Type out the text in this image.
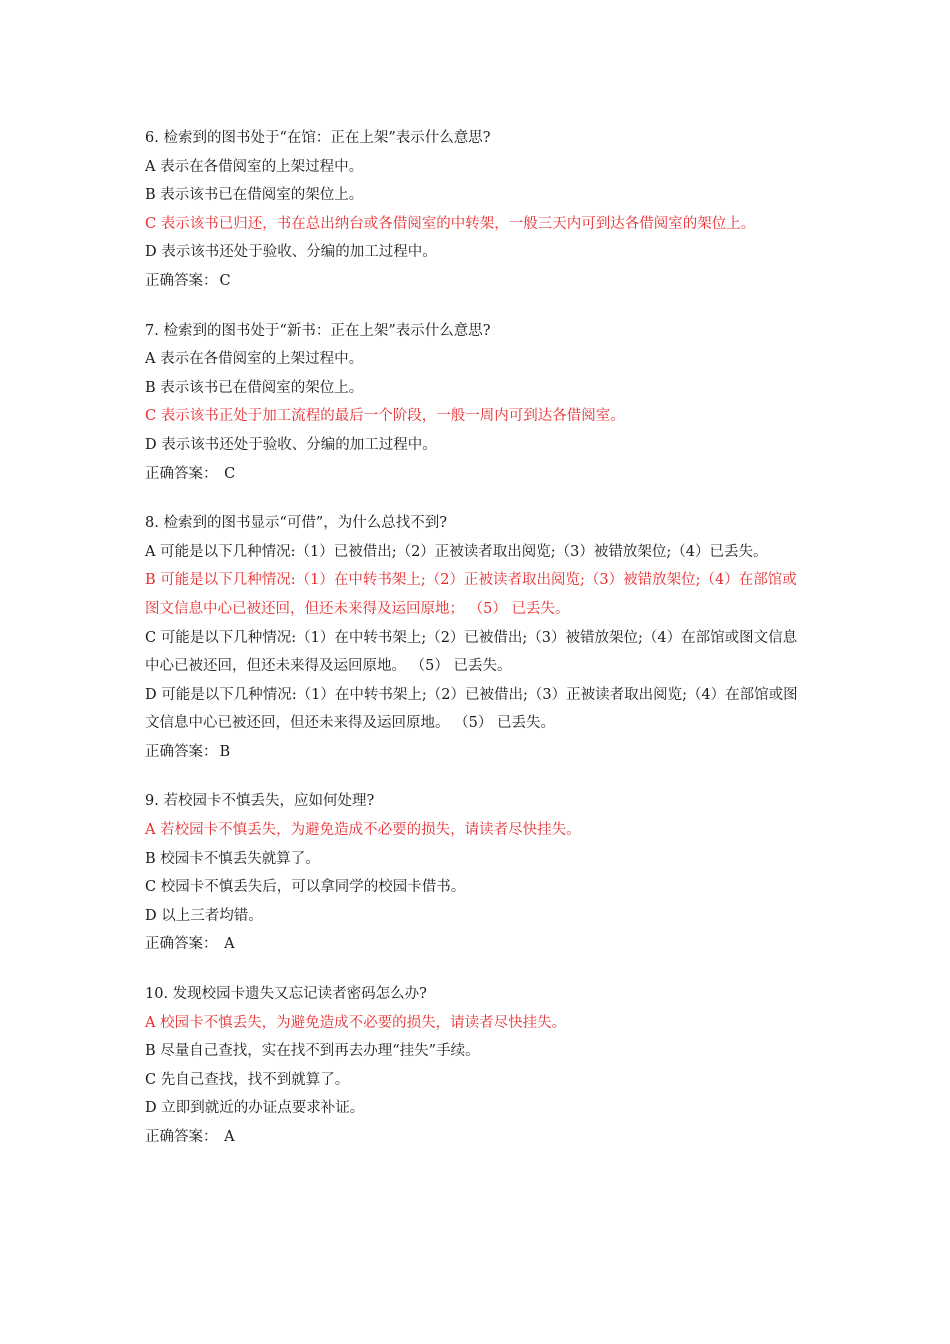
6. 检索到的图书处于“在馆：正在上架”表示什么意思?
A 表示在各借阅室的上架过程中。
B 表示该书已在借阅室的架位上。
C 表示该书已归还，书在总出纳台或各借阅室的中转架，一般三天内可到达各借阅室的架位上。
D 表示该书还处于验收、分编的加工过程中。
正确答案： C
7. 检索到的图书处于“新书：正在上架”表示什么意思?
A 表示在各借阅室的上架过程中。
B 表示该书已在借阅室的架位上。
C 表示该书正处于加工流程的最后一个阶段，一般一周内可到达各借阅室。
D 表示该书还处于验收、分编的加工过程中。
正确答案： C
8. 检索到的图书显示“可借”，为什么总找不到?
A 可能是以下几种情况:（1）已被借出;（2）正被读者取出阅览;（3）被错放架位;（4）已丢失。
B 可能是以下几种情况:（1）在中转书架上;（2）正被读者取出阅览;（3）被错放架位;（4）在部馆或图文信息中心已被还回，但还未来得及运回原地； （5） 已丢失。
C 可能是以下几种情况:（1）在中转书架上;（2）已被借出;（3）被错放架位;（4）在部馆或图文信息中心已被还回，但还未来得及运回原地。 （5） 已丢失。
D 可能是以下几种情况:（1）在中转书架上;（2）已被借出;（3）正被读者取出阅览;（4）在部馆或图文信息中心已被还回，但还未来得及运回原地。 （5） 已丢失。
正确答案： B
9. 若校园卡不慎丢失，应如何处理?
A 若校园卡不慎丢失，为避免造成不必要的损失，请读者尽快挂失。
B 校园卡不慎丢失就算了。
C 校园卡不慎丢失后，可以拿同学的校园卡借书。
D 以上三者均错。
正确答案： A
10. 发现校园卡遗失又忘记读者密码怎么办?
A 校园卡不慎丢失，为避免造成不必要的损失，请读者尽快挂失。
B 尽量自己查找，实在找不到再去办理“挂失”手续。
C 先自己查找，找不到就算了。
D 立即到就近的办证点要求补证。
正确答案： A
